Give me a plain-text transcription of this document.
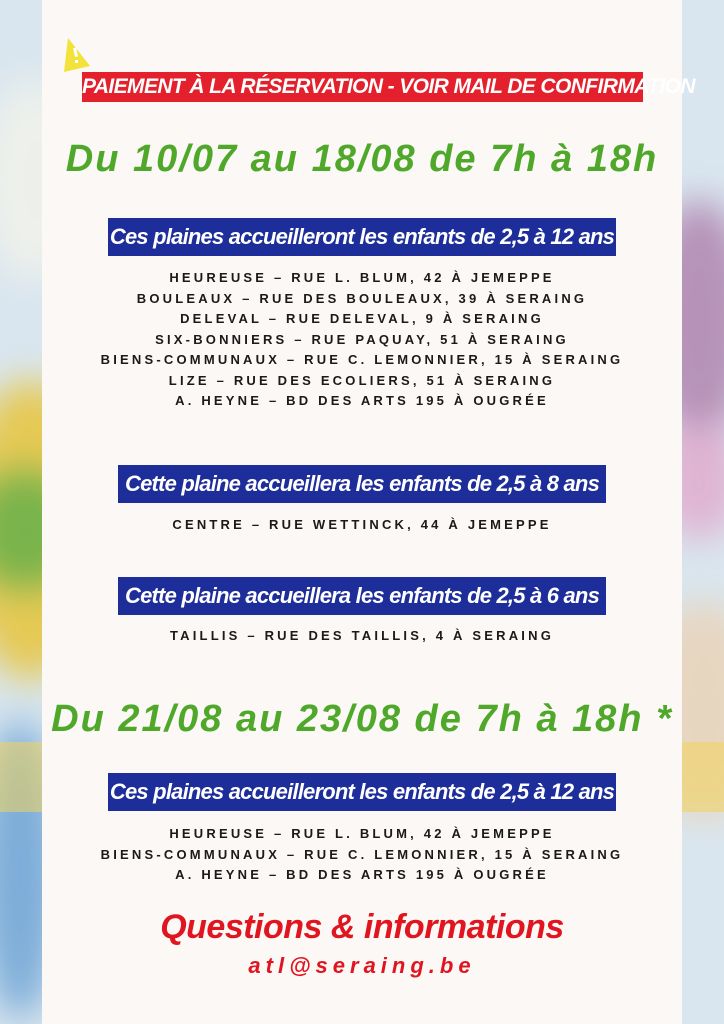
PAIEMENT À LA RÉSERVATION - VOIR MAIL DE CONFIRMATION
Du 10/07 au 18/08 de 7h à 18h
Ces plaines accueilleront les enfants de 2,5 à 12 ans
HEUREUSE – RUE L. BLUM, 42 À JEMEPPE
BOULEAUX – RUE DES BOULEAUX, 39 À SERAING
DELEVAL – RUE DELEVAL, 9 À SERAING
SIX-BONNIERS – RUE PAQUAY, 51 À SERAING
BIENS-COMMUNAUX – RUE C. LEMONNIER, 15 À SERAING
LIZE – RUE DES ECOLIERS, 51 À SERAING
A. HEYNE – BD DES ARTS 195 À OUGRÉE
Cette plaine accueillera les enfants de 2,5 à 8 ans
CENTRE – RUE WETTINCK, 44 À JEMEPPE
Cette plaine accueillera les enfants de 2,5 à 6 ans
TAILLIS – RUE DES TAILLIS, 4 À SERAING
Du 21/08 au 23/08 de 7h à 18h *
Ces plaines accueilleront les enfants de 2,5 à 12 ans
HEUREUSE – RUE L. BLUM, 42 À JEMEPPE
BIENS-COMMUNAUX – RUE C. LEMONNIER, 15 À SERAING
A. HEYNE – BD DES ARTS 195 À OUGRÉE
Questions & informations
atl@seraing.be
